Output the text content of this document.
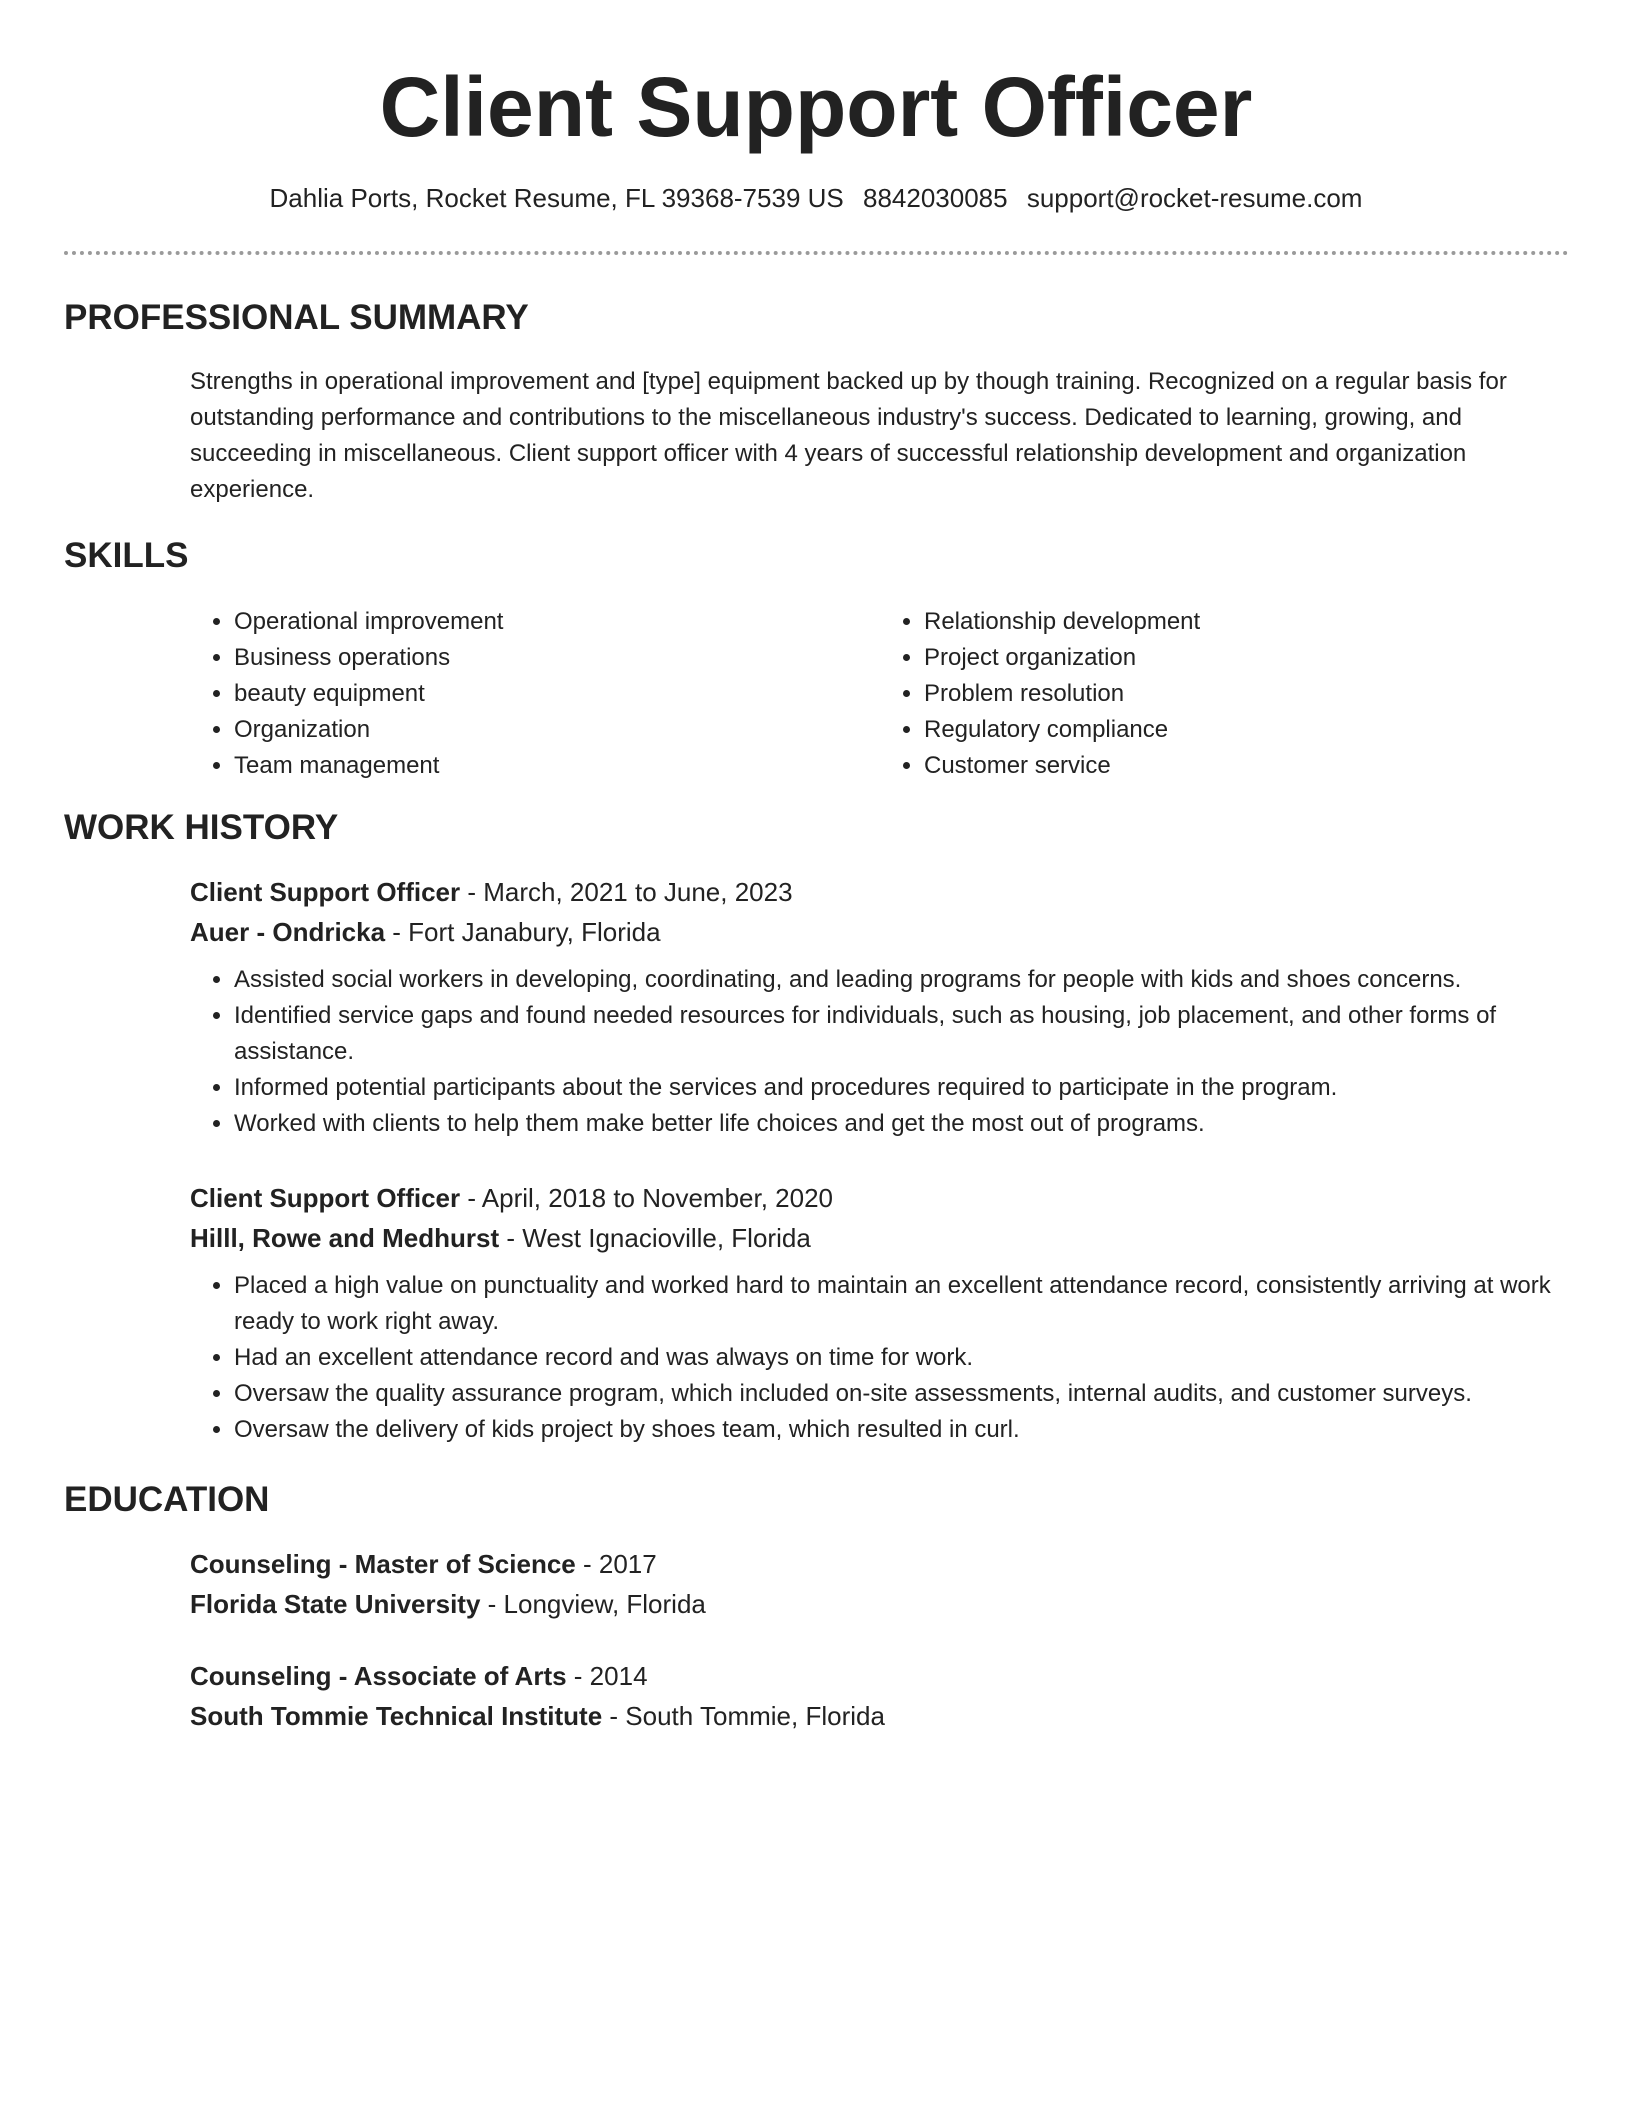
Client Support Officer
Dahlia Ports, Rocket Resume, FL 39368-7539 US 8842030085 support@rocket-resume.com
PROFESSIONAL SUMMARY

Strengths in operational improvement and [type] equipment backed up by though training. Recognized on a regular basis for outstanding performance and contributions to the miscellaneous industry's success. Dedicated to learning, growing, and succeeding in miscellaneous. Client support officer with 4 years of successful relationship development and organization experience.

SKILLS
• Operational improvement
• Business operations
• beauty equipment
• Organization
• Team management
• Relationship development
• Project organization
• Problem resolution
• Regulatory compliance
• Customer service
WORK HISTORY

Client Support Officer - March, 2021 to June, 2023

Auer - Ondricka - Fort Janabury, Florida

• Assisted social workers in developing, coordinating, and leading programs for people with kids and shoes concerns.
• Identified service gaps and found needed resources for individuals, such as housing, job placement, and other forms of assistance.
• Informed potential participants about the services and procedures required to participate in the program.
• Worked with clients to help them make better life choices and get the most out of programs.

Client Support Officer - April, 2018 to November, 2020

Hilll, Rowe and Medhurst - West Ignacioville, Florida

• Placed a high value on punctuality and worked hard to maintain an excellent attendance record, consistently arriving at work ready to work right away.
• Had an excellent attendance record and was always on time for work.
• Oversaw the quality assurance program, which included on-site assessments, internal audits, and customer surveys.
• Oversaw the delivery of kids project by shoes team, which resulted in curl.
EDUCATION

Counseling - Master of Science - 2017

Florida State University - Longview, Florida

Counseling - Associate of Arts - 2014

South Tommie Technical Institute - South Tommie, Florida
